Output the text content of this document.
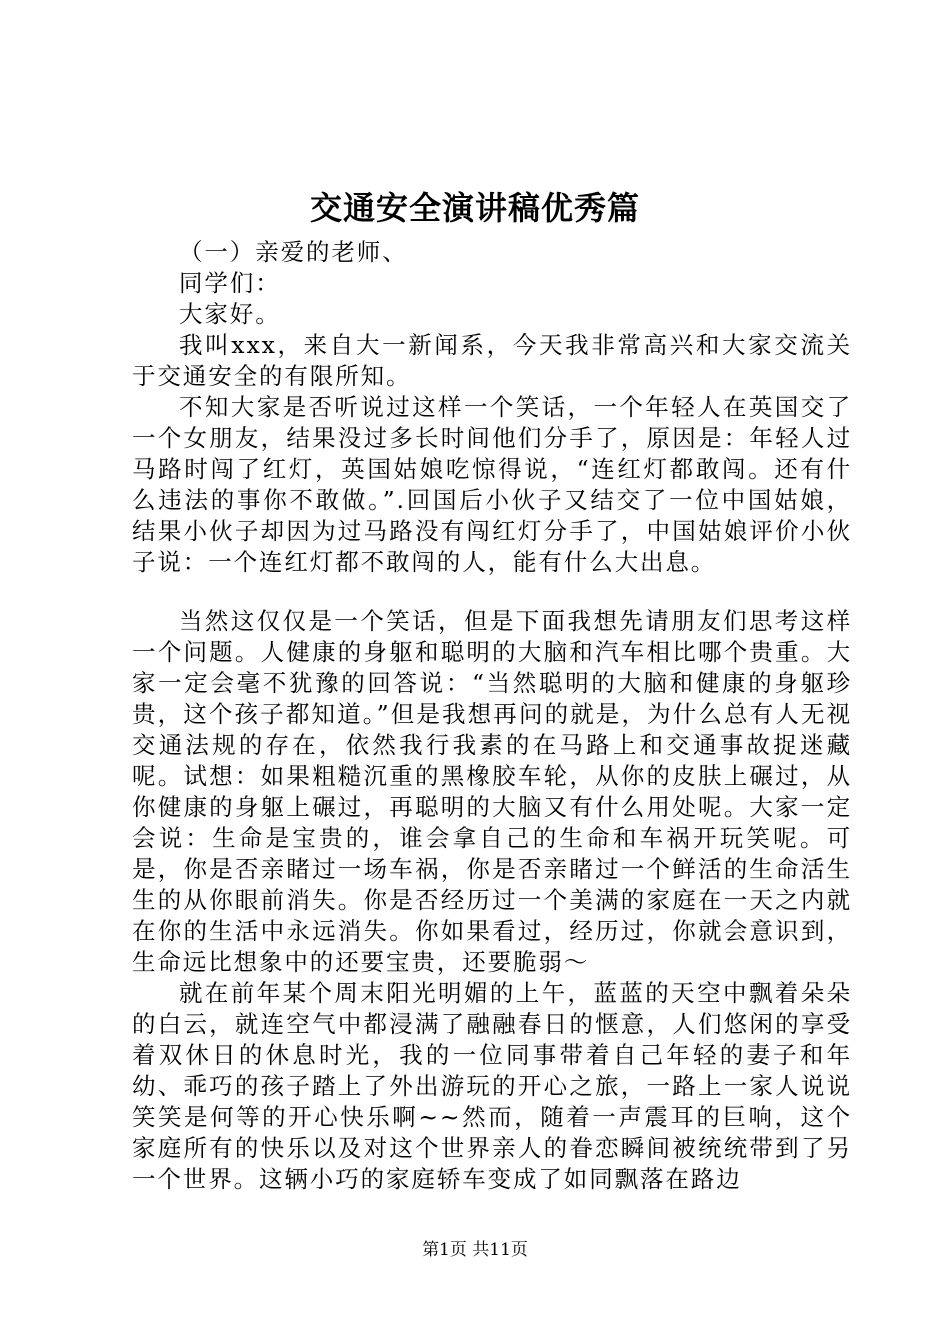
交通安全演讲稿优秀篇

（一）亲爱的老师、

同学们：

大家好。

我叫xxx，来自大一新闻系，今天我非常高兴和大家交流关于交通安全的有限所知。

不知大家是否听说过这样一个笑话，一个年轻人在英国交了一个女朋友，结果没过多长时间他们分手了，原因是：年轻人过马路时闯了红灯，英国姑娘吃惊得说，“连红灯都敢闯。还有什么违法的事你不敢做。”.回国后小伙子又结交了一位中国姑娘，结果小伙子却因为过马路没有闯红灯分手了，中国姑娘评价小伙子说：一个连红灯都不敢闯的人，能有什么大出息。

当然这仅仅是一个笑话，但是下面我想先请朋友们思考这样一个问题。人健康的身躯和聪明的大脑和汽车相比哪个贵重。大家一定会毫不犹豫的回答说：“当然聪明的大脑和健康的身躯珍贵，这个孩子都知道。”但是我想再问的就是，为什么总有人无视交通法规的存在，依然我行我素的在马路上和交通事故捉迷藏呢。试想：如果粗糙沉重的黑橡胶车轮，从你的皮肤上碾过，从你健康的身躯上碾过，再聪明的大脑又有什么用处呢。大家一定会说：生命是宝贵的，谁会拿自己的生命和车祸开玩笑呢。可是，你是否亲睹过一场车祸，你是否亲睹过一个鲜活的生命活生生的从你眼前消失。你是否经历过一个美满的家庭在一天之内就在你的生活中永远消失。你如果看过，经历过，你就会意识到，生命远比想象中的还要宝贵，还要脆弱～

就在前年某个周末阳光明媚的上午，蓝蓝的天空中飘着朵朵的白云，就连空气中都浸满了融融春日的惬意，人们悠闲的享受着双休日的休息时光，我的一位同事带着自己年轻的妻子和年幼、乖巧的孩子踏上了外出游玩的开心之旅，一路上一家人说说笑笑是何等的开心快乐啊~~然而，随着一声震耳的巨响，这个家庭所有的快乐以及对这个世界亲人的眷恋瞬间被统统带到了另一个世界。这辆小巧的家庭轿车变成了如同飘落在路边

第1页 共11页
